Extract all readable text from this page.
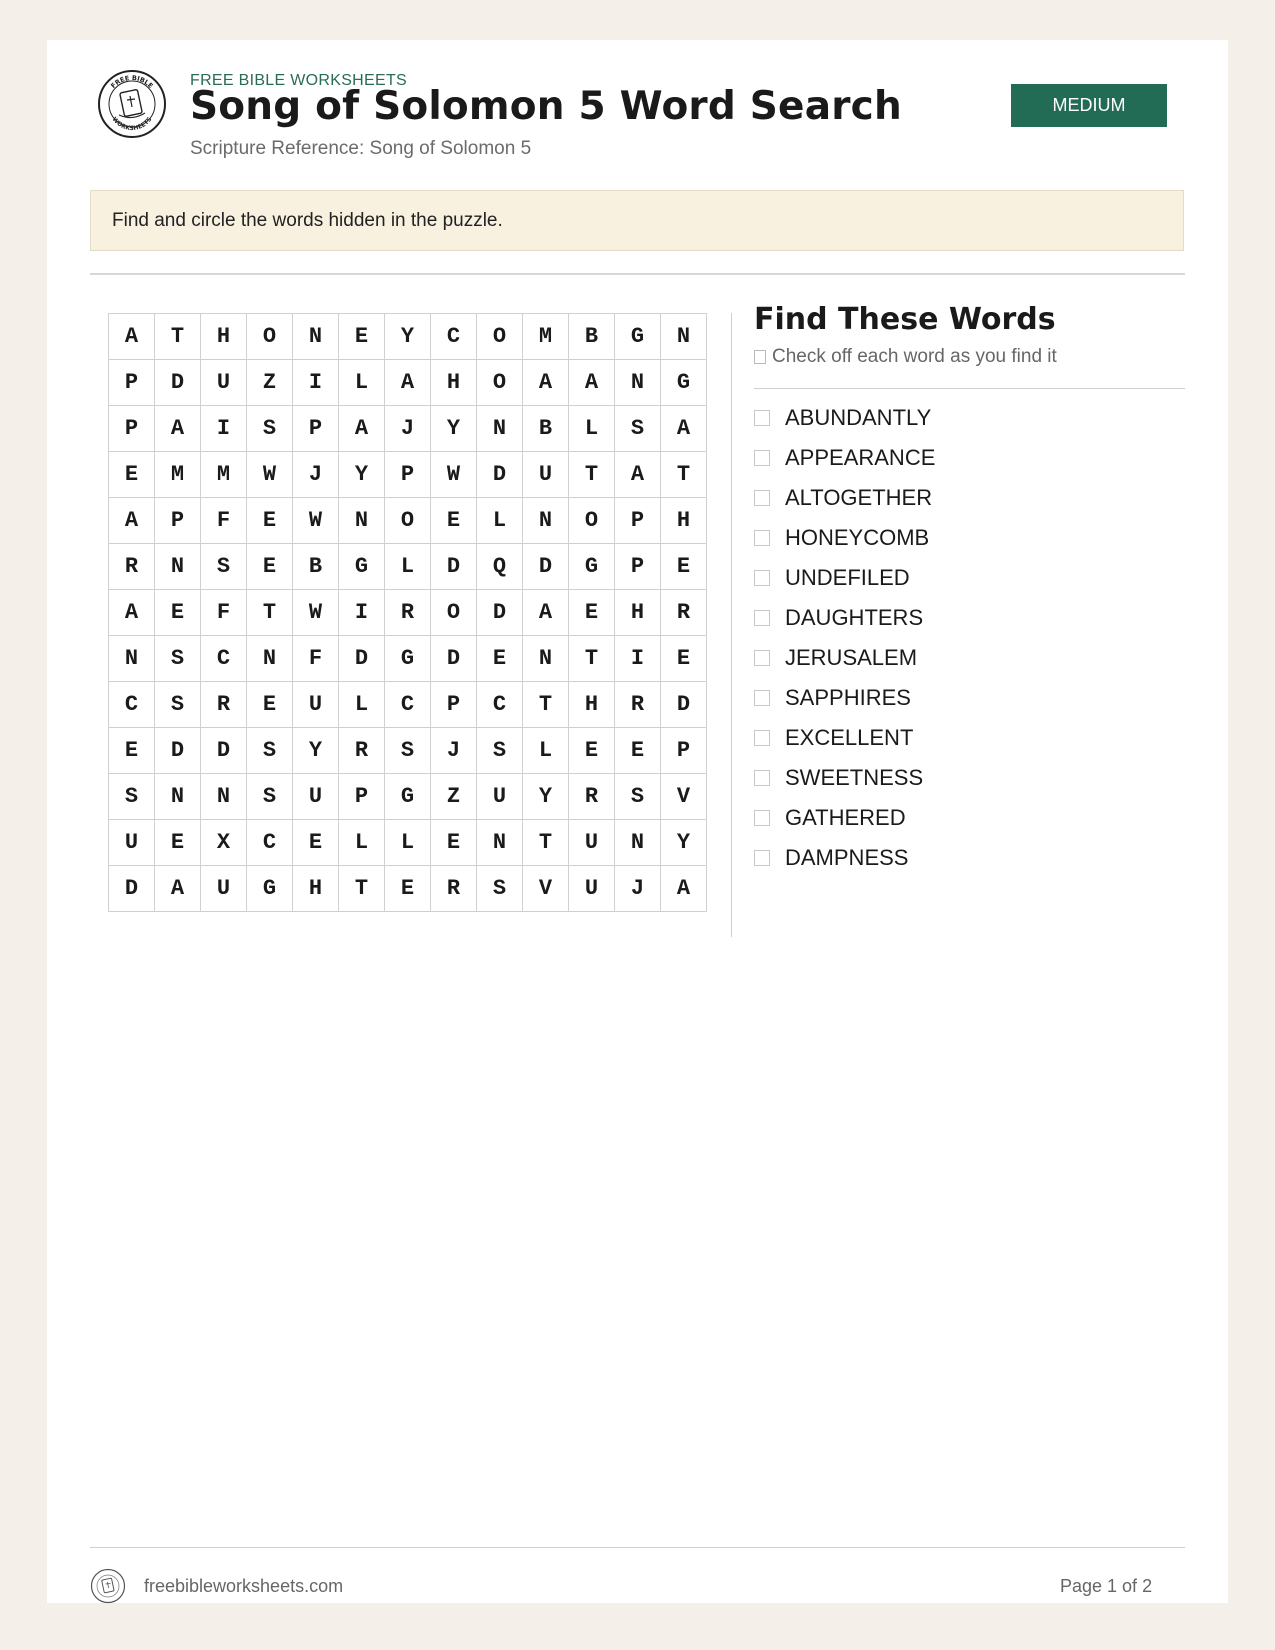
FREE BIBLE
WORKSHEETS
FREE BIBLE WORKSHEETS
Song of Solomon 5 Word Search
Scripture Reference: Song of Solomon 5
MEDIUM
Find and circle the words hidden in the puzzle.
A	T	H	O	N	E	Y	C	O	M	B	G	N
P	D	U	Z	I	L	A	H	O	A	A	N	G
P	A	I	S	P	A	J	Y	N	B	L	S	A
E	M	M	W	J	Y	P	W	D	U	T	A	T
A	P	F	E	W	N	O	E	L	N	O	P	H
R	N	S	E	B	G	L	D	Q	D	G	P	E
A	E	F	T	W	I	R	O	D	A	E	H	R
N	S	C	N	F	D	G	D	E	N	T	I	E
C	S	R	E	U	L	C	P	C	T	H	R	D
E	D	D	S	Y	R	S	J	S	L	E	E	P
S	N	N	S	U	P	G	Z	U	Y	R	S	V
U	E	X	C	E	L	L	E	N	T	U	N	Y
D	A	U	G	H	T	E	R	S	V	U	J	A
Find These Words
Check off each word as you find it
ABUNDANTLY
APPEARANCE
ALTOGETHER
HONEYCOMB
UNDEFILED
DAUGHTERS
JERUSALEM
SAPPHIRES
EXCELLENT
SWEETNESS
GATHERED
DAMPNESS
freebibleworksheets.com	Page 1 of 2
